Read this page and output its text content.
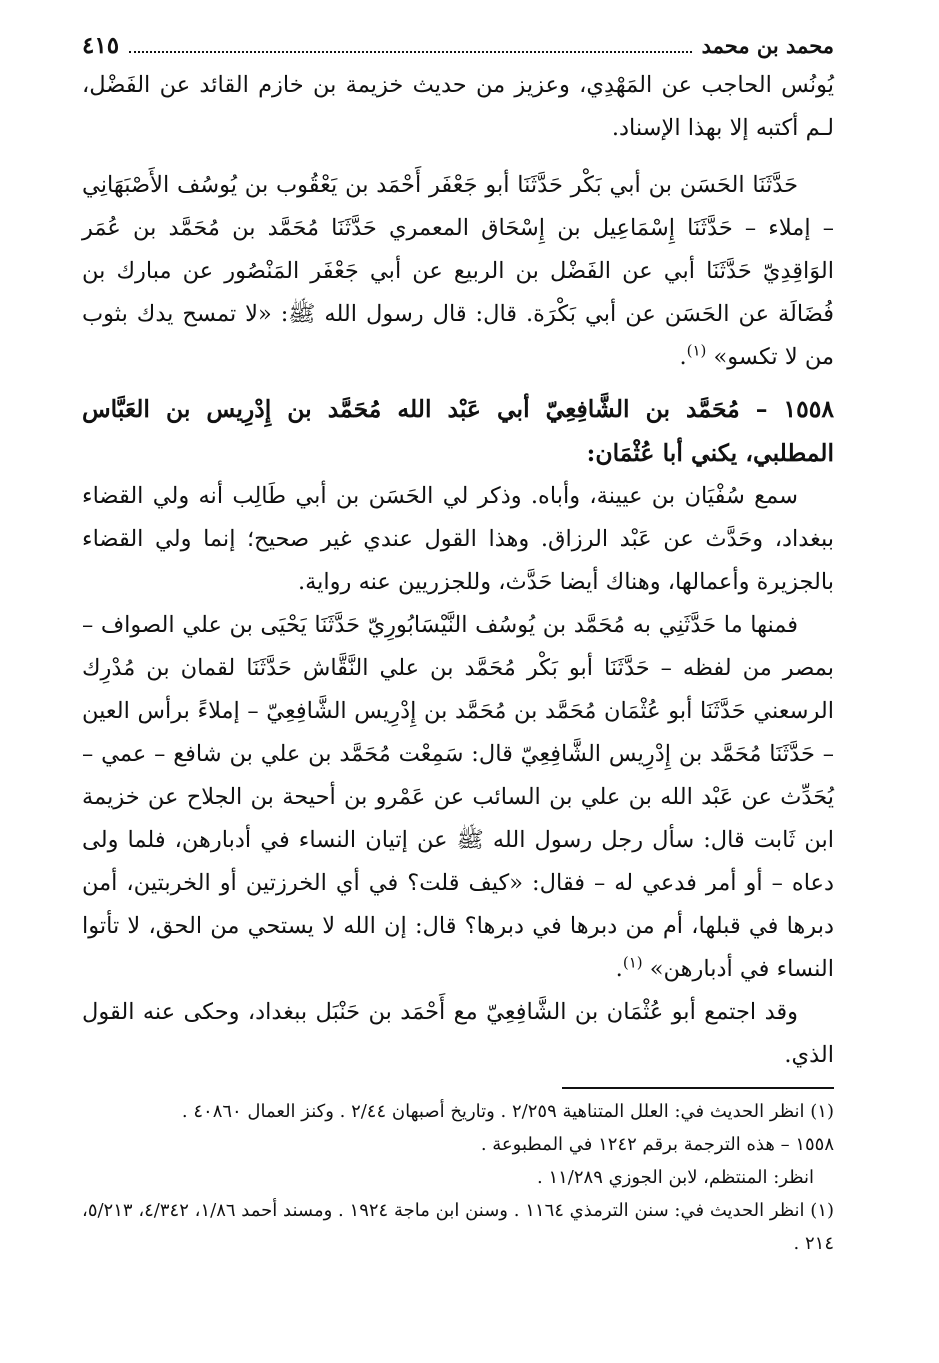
محمد بن محمد
٤١٥

يُونُس الحاجب عن المَهْدِي، وعزيز من حديث خزيمة بن خازم القائد عن الفَضْل، لـم أكتبه إلا بهذا الإسناد.

حَدَّثَنَا الحَسَن بن أبي بَكْر حَدَّثَنَا أبو جَعْفَر أَحْمَد بن يَعْقُوب بن يُوسُف الأَصْبَهَانِي – إملاء – حَدَّثَنَا إِسْمَاعِيل بن إِسْحَاق المعمري حَدَّثَنَا مُحَمَّد بن مُحَمَّد بن عُمَر الوَاقِدِيّ حَدَّثَنَا أبي عن الفَضْل بن الربيع عن أبي جَعْفَر المَنْصُور عن مبارك بن فُضَالَة عن الحَسَن عن أبي بَكْرَة. قال: قال رسول الله ﷺ: «لا تمسح يدك بثوب من لا تكسو» $^{(١)}$.

١٥٥٨ – مُحَمَّد بن الشَّافِعِيّ أبي عَبْد الله مُحَمَّد بن إِدْرِيس بن العَبَّاس المطلبي، يكني أبا عُثْمَان:

سمع سُفْيَان بن عيينة، وأباه. وذكر لي الحَسَن بن أبي طَالِب أنه ولي القضاء ببغداد، وحَدَّث عن عَبْد الرزاق. وهذا القول عندي غير صحيح؛ إنما ولي القضاء بالجزيرة وأعمالها، وهناك أيضا حَدَّث، وللجزريين عنه رواية.

فمنها ما حَدَّثَنِي به مُحَمَّد بن يُوسُف النَّيْسَابُورِيّ حَدَّثَنَا يَحْيَى بن علي الصواف – بمصر من لفظه – حَدَّثَنَا أبو بَكْر مُحَمَّد بن علي النَّقَّاش حَدَّثَنَا لقمان بن مُدْرِك الرسعني حَدَّثَنَا أبو عُثْمَان مُحَمَّد بن مُحَمَّد بن إِدْرِيس الشَّافِعِيّ – إملاءً برأس العين – حَدَّثَنَا مُحَمَّد بن إِدْرِيس الشَّافِعِيّ قال: سَمِعْت مُحَمَّد بن علي بن شافع – عمي – يُحَدِّث عن عَبْد الله بن علي بن السائب عن عَمْرو بن أحيحة بن الجلاح عن خزيمة ابن ثَابت قال: سأل رجل رسول الله ﷺ عن إتيان النساء في أدبارهن، فلما ولى دعاه – أو أمر فدعي له – فقال: «كيف قلت؟ في أي الخرزتين أو الخربتين، أمن دبرها في قبلها، أم من دبرها في دبرها؟ قال: إن الله لا يستحي من الحق، لا تأتوا النساء في أدبارهن» $^{(١)}$.

وقد اجتمع أبو عُثْمَان بن الشَّافِعِيّ مع أَحْمَد بن حَنْبَل ببغداد، وحكى عنه القول الذي.

(١) انظر الحديث في: العلل المتناهية ٢/٢٥٩ . وتاريخ أصبهان ٢/٤٤ . وكنز العمال ٤٠٨٦٠ .

١٥٥٨ – هذه الترجمة برقم ١٢٤٢ في المطبوعة .

انظر: المنتظم، لابن الجوزي ١١/٢٨٩ .

(١) انظر الحديث في: سنن الترمذي ١١٦٤ . وسنن ابن ماجة ١٩٢٤ . ومسند أحمد ١/٨٦، ٤/٣٤٢، ٥/٢١٣، ٢١٤ .
